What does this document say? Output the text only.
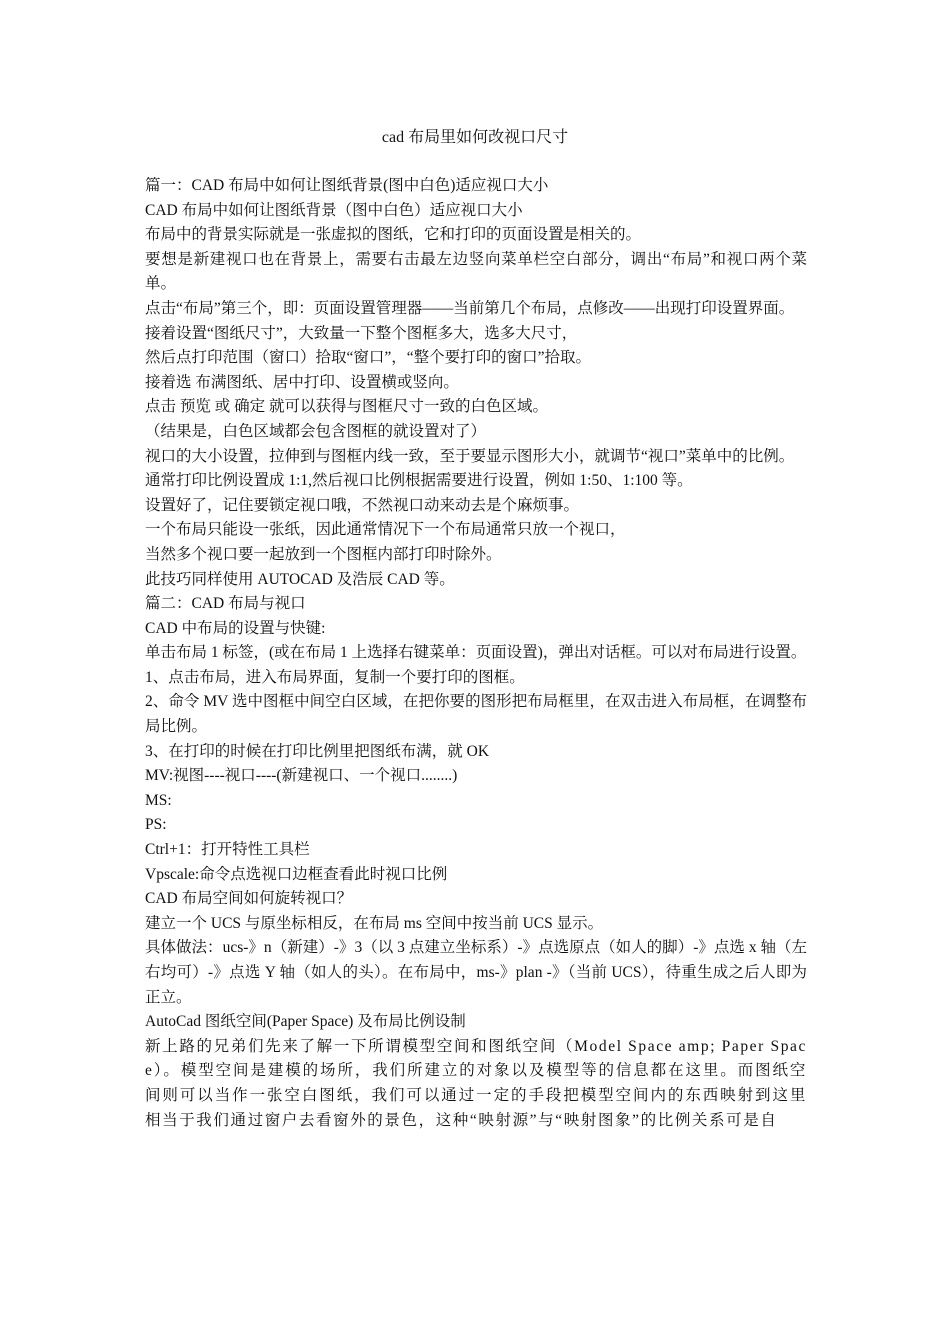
cad 布局里如何改视口尺寸

篇一：CAD 布局中如何让图纸背景(图中白色)适应视口大小

CAD 布局中如何让图纸背景（图中白色）适应视口大小

布局中的背景实际就是一张虚拟的图纸，它和打印的页面设置是相关的。

要想是新建视口也在背景上，需要右击最左边竖向菜单栏空白部分，调出“布局”和视口两个菜单。

点击“布局”第三个，即：页面设置管理器——当前第几个布局，点修改——出现打印设置界面。

接着设置“图纸尺寸”，大致量一下整个图框多大，选多大尺寸，

然后点打印范围（窗口）拾取“窗口”，“整个要打印的窗口”拾取。

接着选 布满图纸、居中打印、设置横或竖向。

点击 预览 或 确定 就可以获得与图框尺寸一致的白色区域。

（结果是，白色区域都会包含图框的就设置对了）

视口的大小设置，拉伸到与图框内线一致，至于要显示图形大小，就调节“视口”菜单中的比例。

通常打印比例设置成 1:1,然后视口比例根据需要进行设置，例如 1:50、1:100 等。

设置好了，记住要锁定视口哦，不然视口动来动去是个麻烦事。

一个布局只能设一张纸，因此通常情况下一个布局通常只放一个视口，

当然多个视口要一起放到一个图框内部打印时除外。

此技巧同样使用 AUTOCAD 及浩辰 CAD 等。

篇二：CAD 布局与视口

CAD 中布局的设置与快键:

单击布局 1 标签，(或在布局 1 上选择右键菜单：页面设置)，弹出对话框。可以对布局进行设置。

1、点击布局，进入布局界面，复制一个要打印的图框。

2、命令 MV 选中图框中间空白区域，在把你要的图形把布局框里，在双击进入布局框，在调整布局比例。

3、在打印的时候在打印比例里把图纸布满，就 OK

MV:视图----视口----(新建视口、一个视口........)

MS:

PS:

Ctrl+1：打开特性工具栏

Vpscale:命令点选视口边框查看此时视口比例

CAD 布局空间如何旋转视口？

建立一个 UCS 与原坐标相反，在布局 ms 空间中按当前 UCS 显示。

具体做法：ucs-》n（新建）-》3（以 3 点建立坐标系）-》点选原点（如人的脚）-》点选 x 轴（左右均可）-》点选 Y 轴（如人的头）。在布局中，ms-》plan -》（当前 UCS），待重生成之后人即为正立。

AutoCad 图纸空间(Paper Space) 及布局比例设制

新上路的兄弟们先来了解一下所谓模型空间和图纸空间（Model Space amp; Paper Space）。模型空间是建模的场所，我们所建立的对象以及模型等的信息都在这里。而图纸空间则可以当作一张空白图纸，我们可以通过一定的手段把模型空间内的东西映射到这里相当于我们通过窗户去看窗外的景色，这种“映射源”与“映射图象”的比例关系可是自
